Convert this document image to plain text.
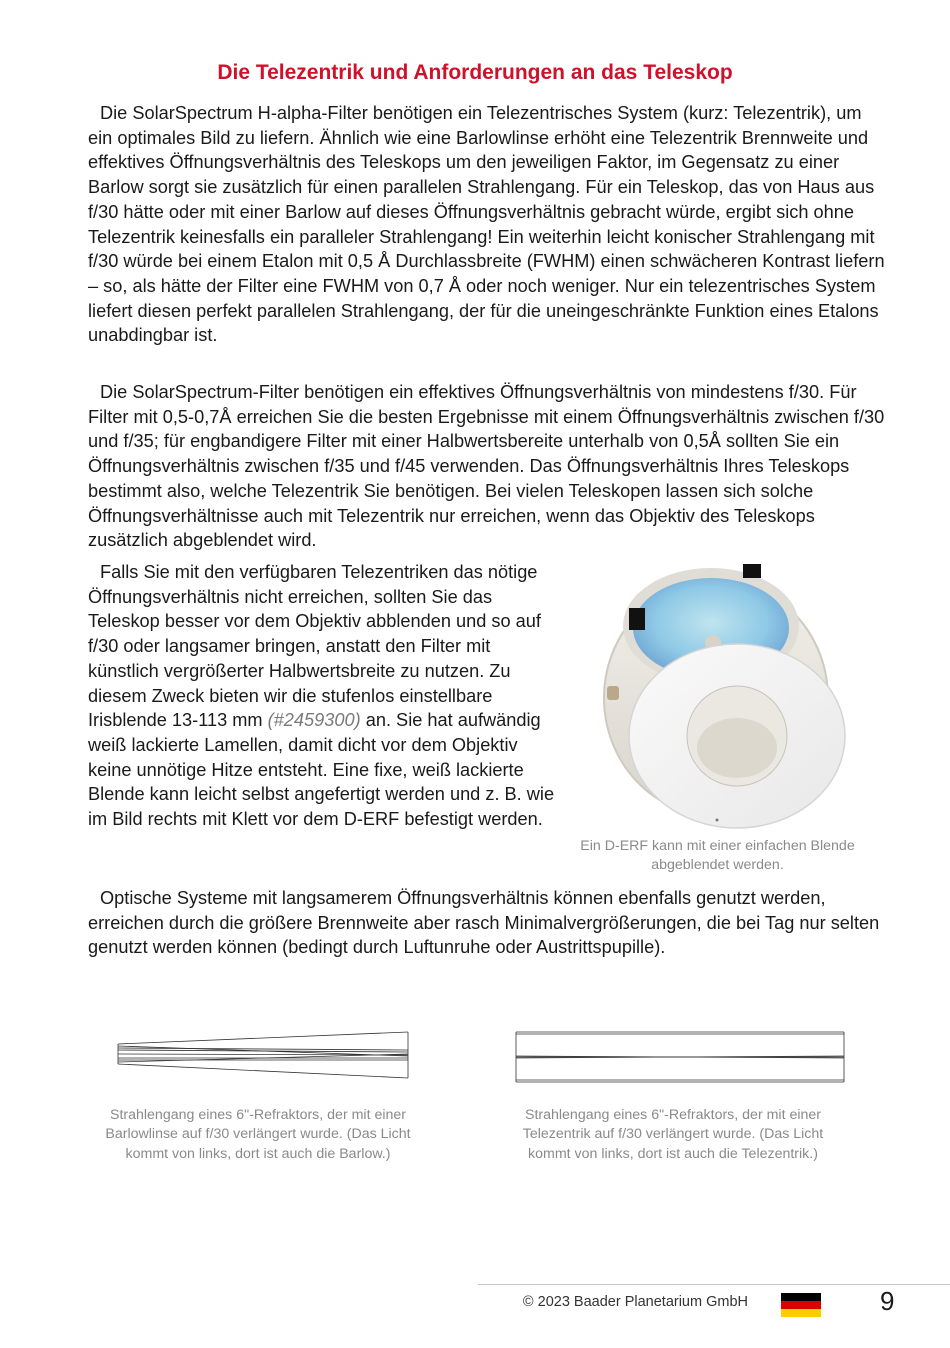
Die Telezentrik und Anforderungen an das Teleskop

Die SolarSpectrum H-alpha-Filter benötigen ein Telezentrisches System (kurz: Telezentrik), um ein optimales Bild zu liefern. Ähnlich wie eine Barlowlinse erhöht eine Telezentrik Brennweite und effektives Öffnungsverhältnis des Teleskops um den jeweiligen Faktor, im Gegensatz zu einer Barlow sorgt sie zusätzlich für einen parallelen Strahlengang. Für ein Teleskop, das von Haus aus f/30 hätte oder mit einer Barlow auf dieses Öffnungsverhältnis gebracht würde, ergibt sich ohne Telezentrik keinesfalls ein paralleler Strahlengang! Ein weiterhin leicht konischer Strahlengang mit f/30 würde bei einem Etalon mit 0,5 Å Durchlassbreite (FWHM) einen schwächeren Kontrast liefern – so, als hätte der Filter eine FWHM von 0,7 Å oder noch weniger. Nur ein telezentrisches System liefert diesen perfekt parallelen Strahlengang, der für die uneingeschränkte Funktion eines Etalons unabdingbar ist.

Die SolarSpectrum-Filter benötigen ein effektives Öffnungsverhältnis von mindestens f/30. Für Filter mit 0,5-0,7Å erreichen Sie die besten Ergebnisse mit einem Öffnungsverhältnis zwischen f/30 und f/35; für engbandigere Filter mit einer Halbwertsbereite unterhalb von 0,5Å sollten Sie ein Öffnungsverhältnis zwischen f/35 und f/45 verwenden. Das Öffnungsverhältnis Ihres Teleskops bestimmt also, welche Telezentrik Sie benötigen. Bei vielen Teleskopen lassen sich solche Öffnungsverhältnisse auch mit Telezentrik nur erreichen, wenn das Objektiv des Teleskops zusätzlich abgeblendet wird.

Falls Sie mit den verfügbaren Telezentriken das nötige Öffnungsverhältnis nicht erreichen, sollten Sie das Teleskop besser vor dem Objektiv abblenden und so auf f/30 oder langsamer bringen, anstatt den Filter mit künstlich vergrößerter Halbwertsbreite zu nutzen. Zu diesem Zweck bieten wir die stufenlos einstellbare Irisblende 13-113 mm (#2459300) an. Sie hat aufwändig weiß lackierte Lamellen, damit dicht vor dem Objektiv keine unnötige Hitze entsteht. Eine fixe, weiß lackierte Blende kann leicht selbst angefertigt werden und z. B. wie im Bild rechts mit Klett vor dem D-ERF befestigt werden.

Ein D-ERF kann mit einer einfachen Blende abgeblendet werden.

Optische Systeme mit langsamerem Öffnungsverhältnis können ebenfalls genutzt werden, erreichen durch die größere Brennweite aber rasch Minimalvergrößerungen, die bei Tag nur selten genutzt werden können (bedingt durch Luftunruhe oder Austrittspupille).

Strahlengang eines 6"-Refraktors, der mit einer Barlowlinse auf f/30 verlängert wurde. (Das Licht kommt von links, dort ist auch die Barlow.)

Strahlengang eines 6"-Refraktors, der mit einer Telezentrik auf f/30 verlängert wurde. (Das Licht kommt von links, dort ist auch die Telezentrik.)

© 2023 Baader Planetarium GmbH	9
